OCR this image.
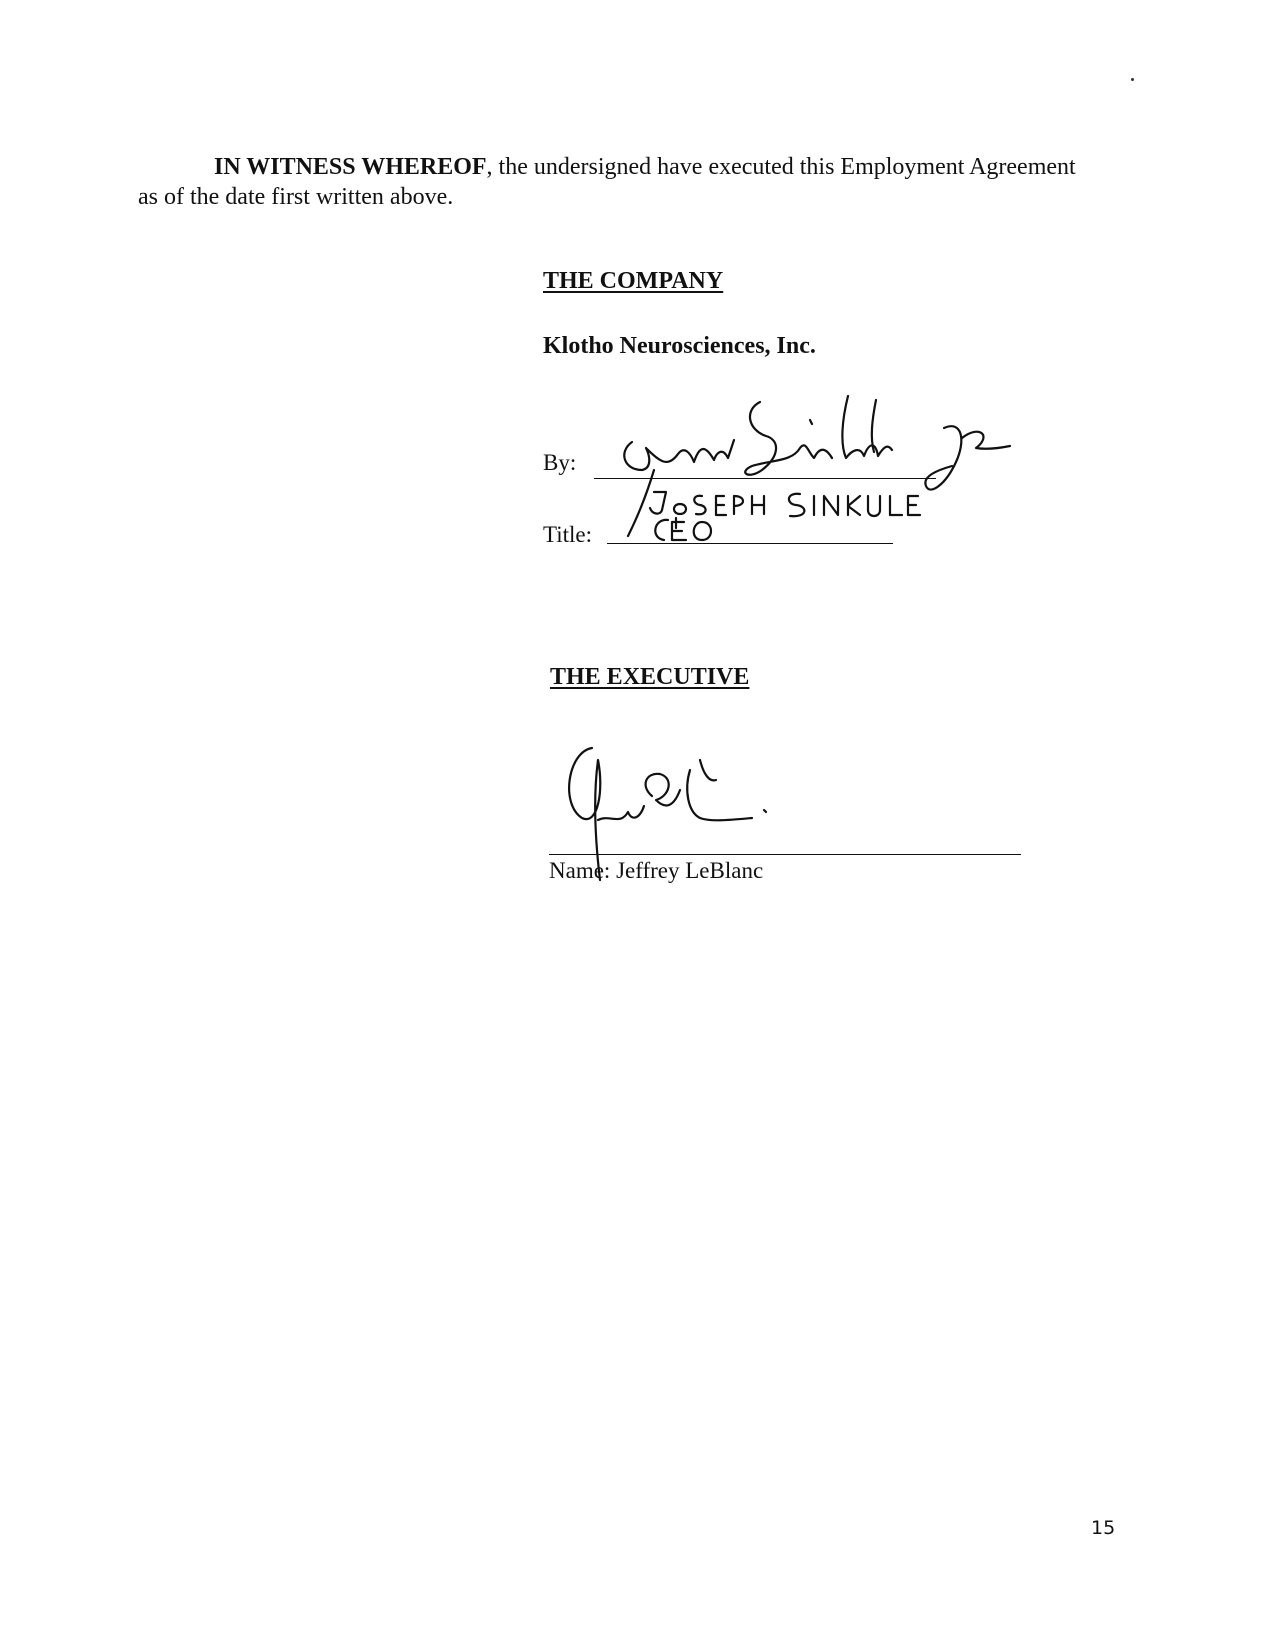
IN WITNESS WHEREOF, the undersigned have executed this Employment Agreement
as of the date first written above.
THE COMPANY
Klotho Neurosciences, Inc.
By:
Title:
THE EXECUTIVE
Name: Jeffrey LeBlanc
15
